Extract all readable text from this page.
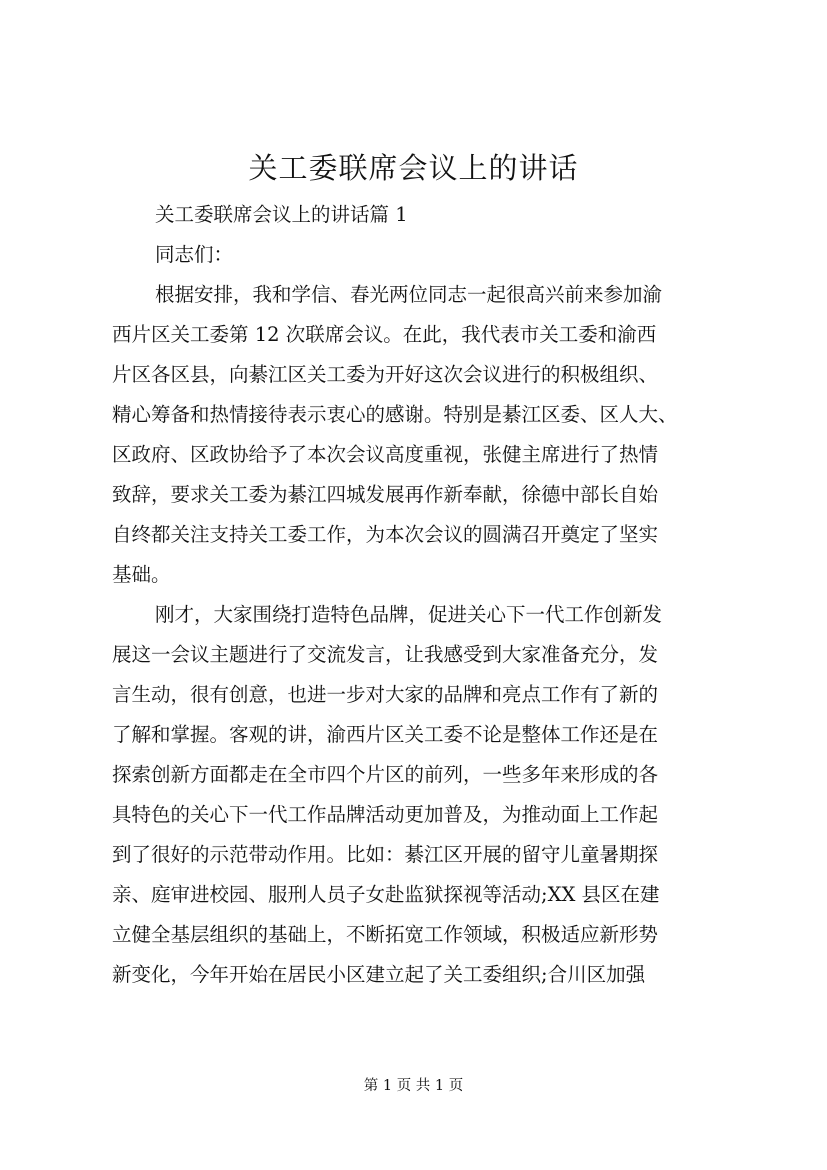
关工委联席会议上的讲话
关工委联席会议上的讲话篇 1
同志们：
根据安排，我和学信、春光两位同志一起很高兴前来参加渝
西片区关工委第 12 次联席会议。在此，我代表市关工委和渝西
片区各区县，向綦江区关工委为开好这次会议进行的积极组织、
精心筹备和热情接待表示衷心的感谢。特别是綦江区委、区人大、
区政府、区政协给予了本次会议高度重视，张健主席进行了热情
致辞，要求关工委为綦江四城发展再作新奉献，徐德中部长自始
自终都关注支持关工委工作，为本次会议的圆满召开奠定了坚实
基础。
刚才，大家围绕打造特色品牌，促进关心下一代工作创新发
展这一会议主题进行了交流发言，让我感受到大家准备充分，发
言生动，很有创意，也进一步对大家的品牌和亮点工作有了新的
了解和掌握。客观的讲，渝西片区关工委不论是整体工作还是在
探索创新方面都走在全市四个片区的前列，一些多年来形成的各
具特色的关心下一代工作品牌活动更加普及，为推动面上工作起
到了很好的示范带动作用。比如：綦江区开展的留守儿童暑期探
亲、庭审进校园、服刑人员子女赴监狱探视等活动;XX 县区在建
立健全基层组织的基础上，不断拓宽工作领域，积极适应新形势
新变化，今年开始在居民小区建立起了关工委组织;合川区加强
第 1 页 共 1 页
